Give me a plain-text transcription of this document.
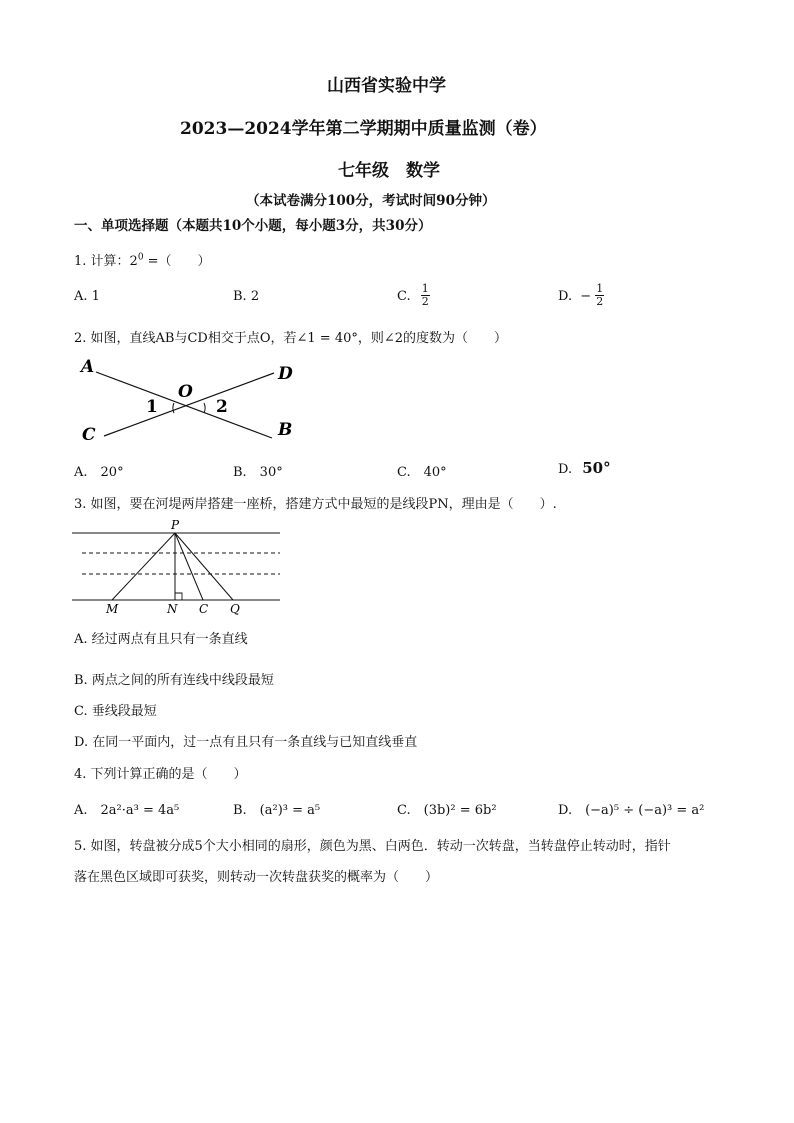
山西省实验中学
2023—2024学年第二学期期中质量监测（卷）
七年级　数学
（本试卷满分100分，考试时间90分钟）
一、单项选择题（本题共10个小题，每小题3分，共30分）
1. 计算：$2^0$ =（　　）
A. 1	B. 2	C. $\frac{1}{2}$	D. − $\frac{1}{2}$
2. 如图，直线AB与CD相交于点O，若∠1 = 40°，则∠2的度数为（　　）
A	D
O
1	2
C	B
A.　20°	B.　30°	C.　40°	D. 50°
3. 如图，要在河堤两岸搭建一座桥，搭建方式中最短的是线段PN，理由是（　　）.
P
M	N C Q
A. 经过两点有且只有一条直线
B. 两点之间的所有连线中线段最短
C. 垂线段最短
D. 在同一平面内，过一点有且只有一条直线与已知直线垂直
4. 下列计算正确的是（　　）
A.　2a²·a³ = 4a⁵	B.　(a²)³ = a⁵	C.　(3b)² = 6b²	D.　(−a)⁵ ÷ (−a)³ = a²
5. 如图，转盘被分成5个大小相同的扇形，颜色为黑、白两色．转动一次转盘，当转盘停止转动时，指针
落在黑色区域即可获奖，则转动一次转盘获奖的概率为（　　）
